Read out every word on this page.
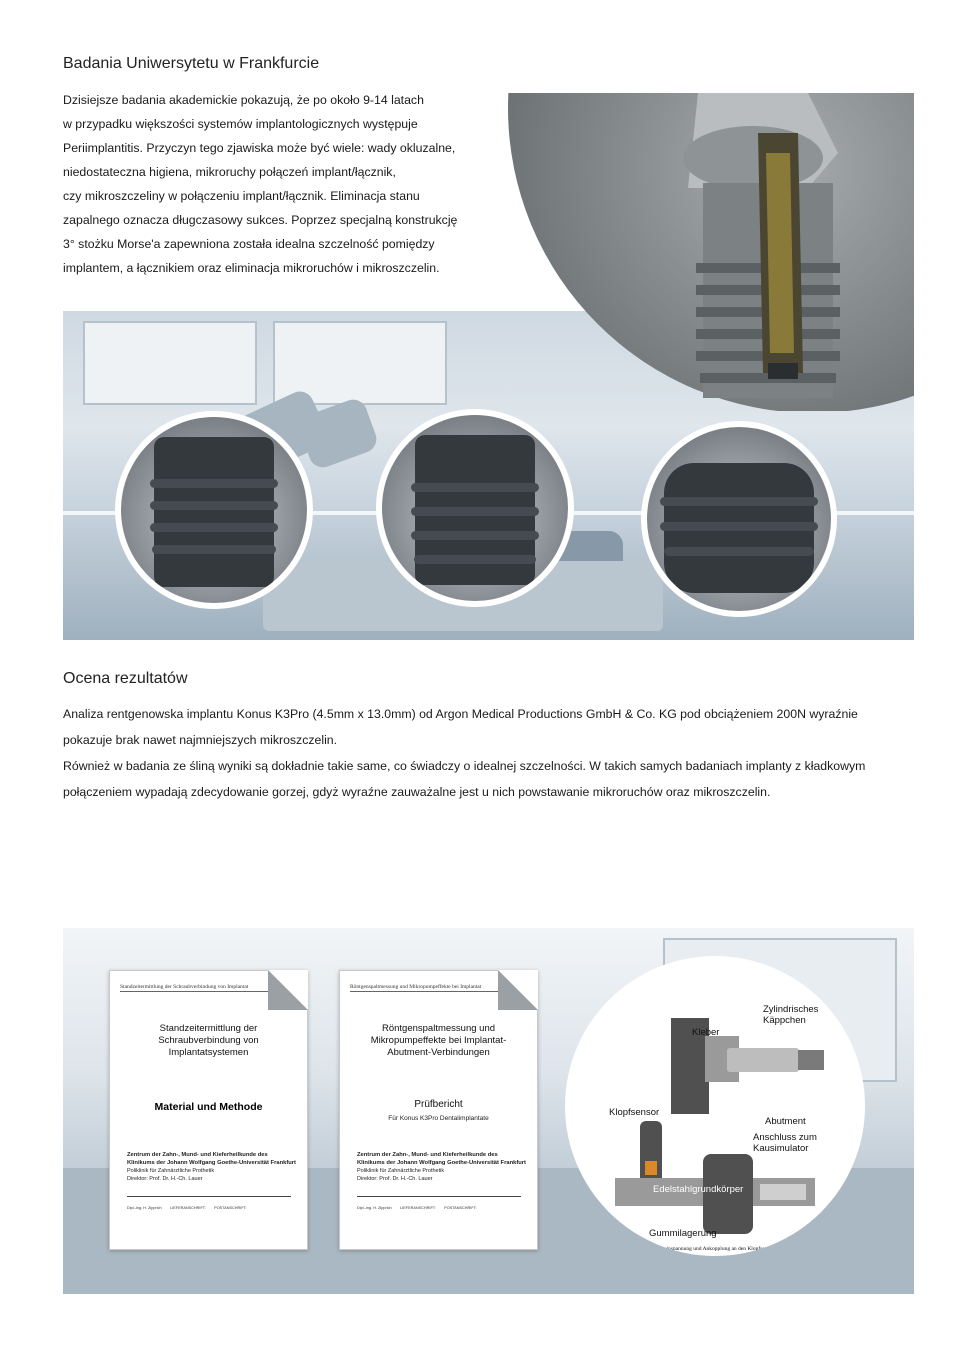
Badania Uniwersytetu w Frankfurcie

Dzisiejsze badania akademickie pokazują, że po około 9-14 latach

w przypadku większości systemów implantologicznych występuje

Periimplantitis. Przyczyn tego zjawiska może być wiele: wady okluzalne,

niedostateczna higiena, mikroruchy połączeń implant/łącznik,

czy mikroszczeliny w połączeniu implant/łącznik. Eliminacja stanu

zapalnego oznacza długczasowy sukces. Poprzez specjalną konstrukcję

3° stożku Morse'a zapewniona została idealna szczelność pomiędzy

implantem, a łącznikiem oraz eliminacja mikroruchów i mikroszczelin.

Ocena rezultatów

Analiza rentgenowska implantu Konus K3Pro (4.5mm x 13.0mm) od Argon Medical Productions GmbH & Co. KG pod obciążeniem 200N wyraźnie

pokazuje brak nawet najmniejszych mikroszczelin.

Również w badania ze śliną wyniki są dokładnie takie same, co świadczy o idealnej szczelności. W takich samych badaniach implanty z kładkowym

połączeniem wypadają zdecydowanie gorzej, gdyż wyraźne zauważalne jest u nich powstawanie mikroruchów oraz mikroszczelin.

Standzeitermittlung der Schraubverbindung von Implantat
Standzeitermittlung der
Schraubverbindung von
Implantatsystemen
Material und Methode
Zentrum der Zahn-, Mund- und Kieferheilkunde des
Klinikums der Johann Wolfgang Goethe-Universität Frankfurt
Poliklinik für Zahnärztliche Prothetik
Direktor: Prof. Dr. H.-Ch. Lauer
Dipl.-Ing. H. Zipprich LIEFERANSCHRIFT: POSTANSCHRIFT:
Röntgenspaltmessung und Mikropumpeffekte bei Implantat
Röntgenspaltmessung und
Mikropumpeffekte bei Implantat-
Abutment-Verbindungen
Prüfbericht
Für Konus K3Pro Dentalimplantate
Zentrum der Zahn-, Mund- und Kieferheilkunde des
Klinikums der Johann Wolfgang Goethe-Universität Frankfurt
Poliklinik für Zahnärztliche Prothetik
Direktor: Prof. Dr. H.-Ch. Lauer
Dipl.-Ing. H. Zipprich LIEFERANSCHRIFT: POSTANSCHRIFT:
Kleber
Zylindrisches
Käppchen
Klopfsensor
Implantat	Abutment
Anschluss zum
Kausimulator
Edelstahlgrundkörper
Gummilagerung
Implantateinspannung und Ankopplung an den Klopfsensor
